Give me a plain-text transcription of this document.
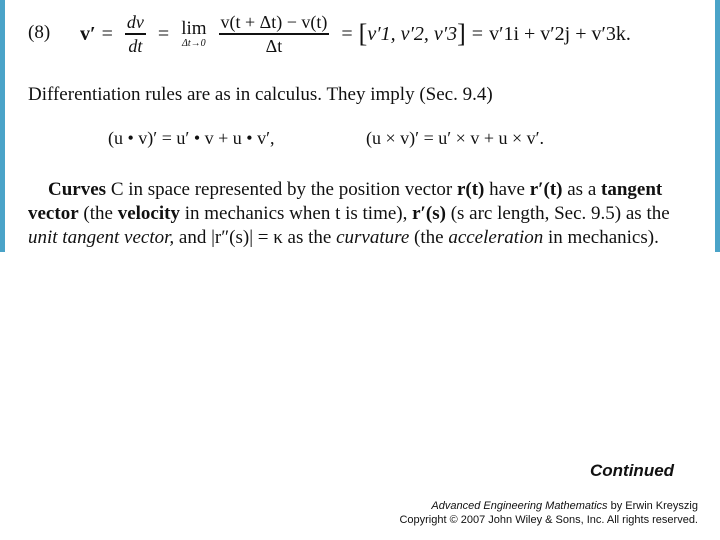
(8) $v' = \frac{dv}{dt} = \lim$
$\Delta t\to 0 \frac{v(t + \Delta t) - v(t)}{\Delta t}$ = [ v′1, v′2, v′3 ] = v′1i + v′2j + v′3k.
Differentiation rules are as in calculus. They imply (Sec. 9.4)
(u • v)′ = u′ • v + u • v′,	(u × v)′ = u′ × v + u × v′.
Curves C in space represented by the position vector r(t) have r′(t) as a tangent
vector (the velocity in mechanics when t is time), r′(s) (s arc length, Sec. 9.5) as the
unit tangent vector, and |r″(s)| = κ as the curvature (the acceleration in mechanics).
Continued
Advanced Engineering Mathematics by Erwin Kreyszig
Copyright © 2007 John Wiley & Sons, Inc. All rights reserved.
